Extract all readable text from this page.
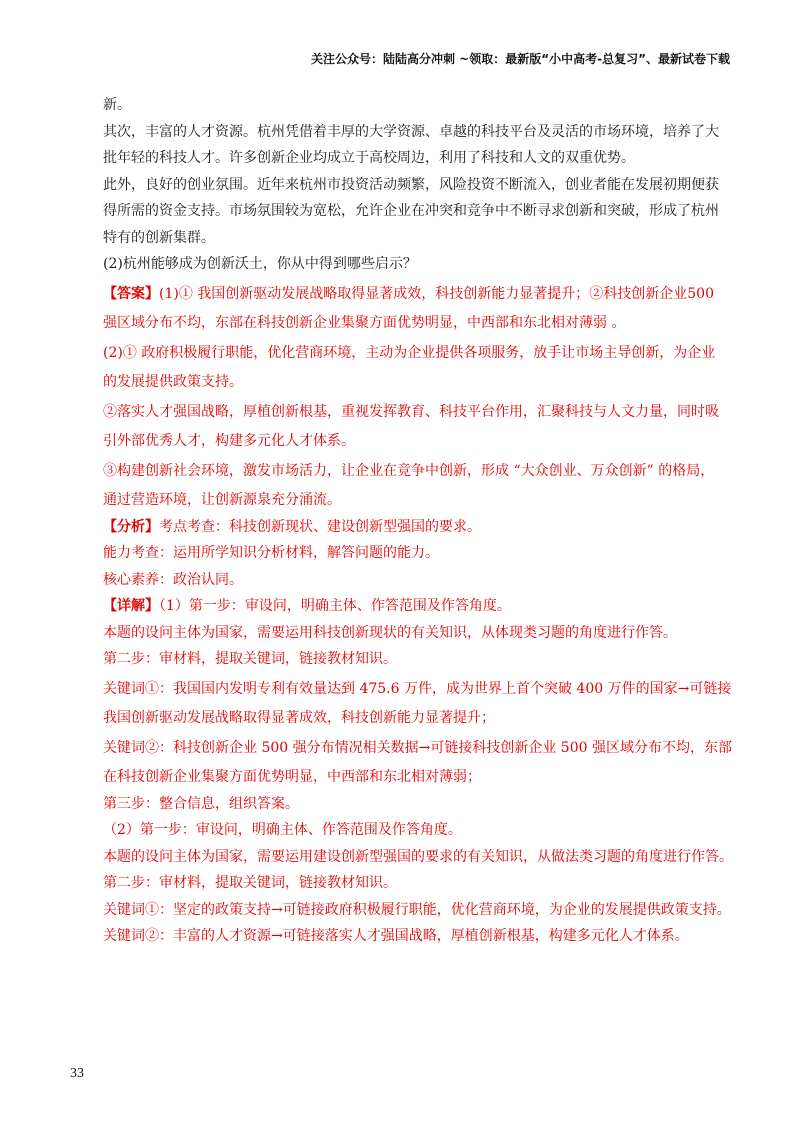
关注公众号：陆陆高分冲刺 ~领取：最新版“小中高考-总复习”、最新试卷下载
新。
其次，丰富的人才资源。杭州凭借着丰厚的大学资源、卓越的科技平台及灵活的市场环境，培养了大
批年轻的科技人才。许多创新企业均成立于高校周边，利用了科技和人文的双重优势。
此外，良好的创业氛围。近年来杭州市投资活动频繁，风险投资不断流入，创业者能在发展初期便获
得所需的资金支持。市场氛围较为宽松，允许企业在冲突和竞争中不断寻求创新和突破，形成了杭州
特有的创新集群。
(2)杭州能够成为创新沃土，你从中得到哪些启示？
【答案】(1)① 我国创新驱动发展战略取得显著成效，科技创新能力显著提升；②科技创新企业500
强区域分布不均，东部在科技创新企业集聚方面优势明显，中西部和东北相对薄弱 。
(2)① 政府积极履行职能，优化营商环境，主动为企业提供各项服务，放手让市场主导创新，为企业
的发展提供政策支持。
②落实人才强国战略，厚植创新根基，重视发挥教育、科技平台作用，汇聚科技与人文力量，同时吸
引外部优秀人才，构建多元化人才体系。
③构建创新社会环境，激发市场活力，让企业在竞争中创新，形成 “大众创业、万众创新” 的格局，
通过营造环境，让创新源泉充分涌流。
【分析】考点考查：科技创新现状、建设创新型强国的要求。
能力考查：运用所学知识分析材料，解答问题的能力。
核心素养：政治认同。
【详解】（1）第一步：审设问，明确主体、作答范围及作答角度。
本题的设问主体为国家，需要运用科技创新现状的有关知识，从体现类习题的角度进行作答。
第二步：审材料，提取关键词，链接教材知识。
关键词①：我国国内发明专利有效量达到 475.6 万件，成为世界上首个突破 400 万件的国家→可链接
我国创新驱动发展战略取得显著成效，科技创新能力显著提升；
关键词②：科技创新企业 500 强分布情况相关数据→可链接科技创新企业 500 强区域分布不均，东部
在科技创新企业集聚方面优势明显，中西部和东北相对薄弱；
第三步：整合信息，组织答案。
（2）第一步：审设问，明确主体、作答范围及作答角度。
本题的设问主体为国家，需要运用建设创新型强国的要求的有关知识，从做法类习题的角度进行作答。
第二步：审材料，提取关键词，链接教材知识。
关键词①：坚定的政策支持→可链接政府积极履行职能，优化营商环境，为企业的发展提供政策支持。
关键词②：丰富的人才资源→可链接落实人才强国战略，厚植创新根基，构建多元化人才体系。
33
